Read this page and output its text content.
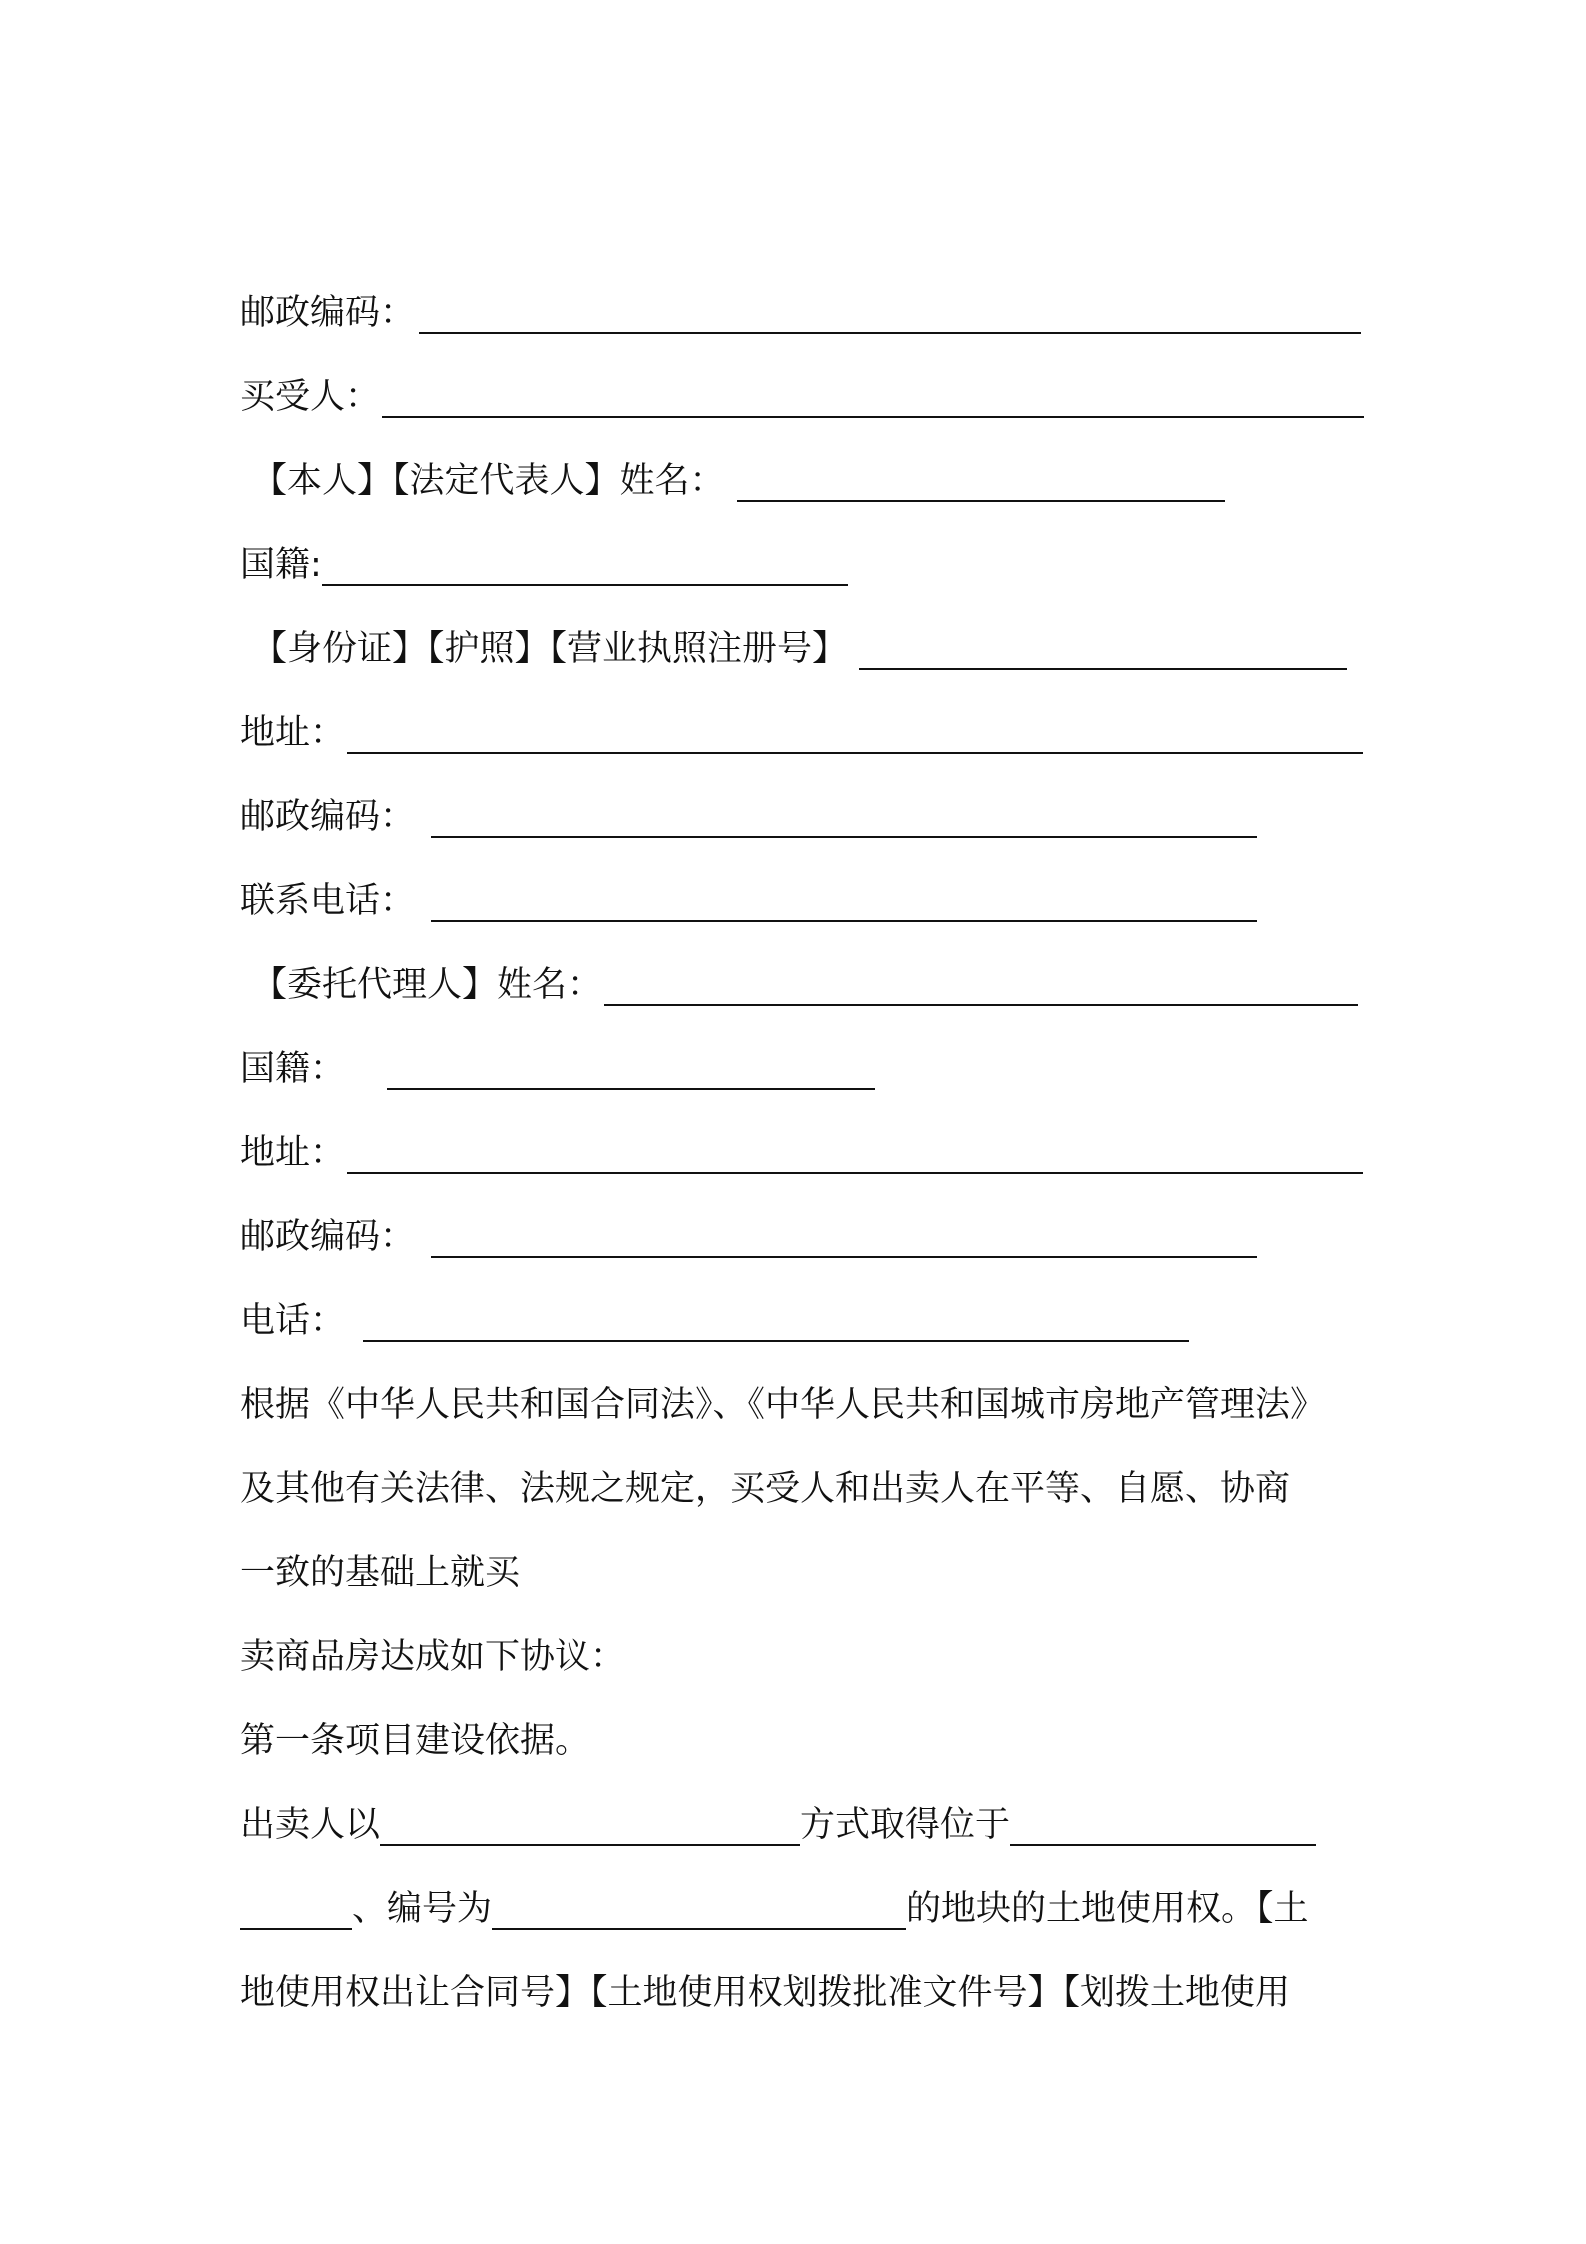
邮政编码：
买受人：
【本人】【法定代表人】姓名：
国籍:
【身份证】【护照】【营业执照注册号】
地址：
邮政编码：
联系电话：
【委托代理人】姓名：
国籍：
地址：
邮政编码：
电话：
根据《中华人民共和国合同法》、《中华人民共和国城市房地产管理法》
及其他有关法律、法规之规定，买受人和出卖人在平等、自愿、协商
一致的基础上就买
卖商品房达成如下协议：
第一条项目建设依据。
出卖人以	方式取得位于
、编号为	的地块的土地使用权。【土
地使用权出让合同号】【土地使用权划拨批准文件号】【划拨土地使用
